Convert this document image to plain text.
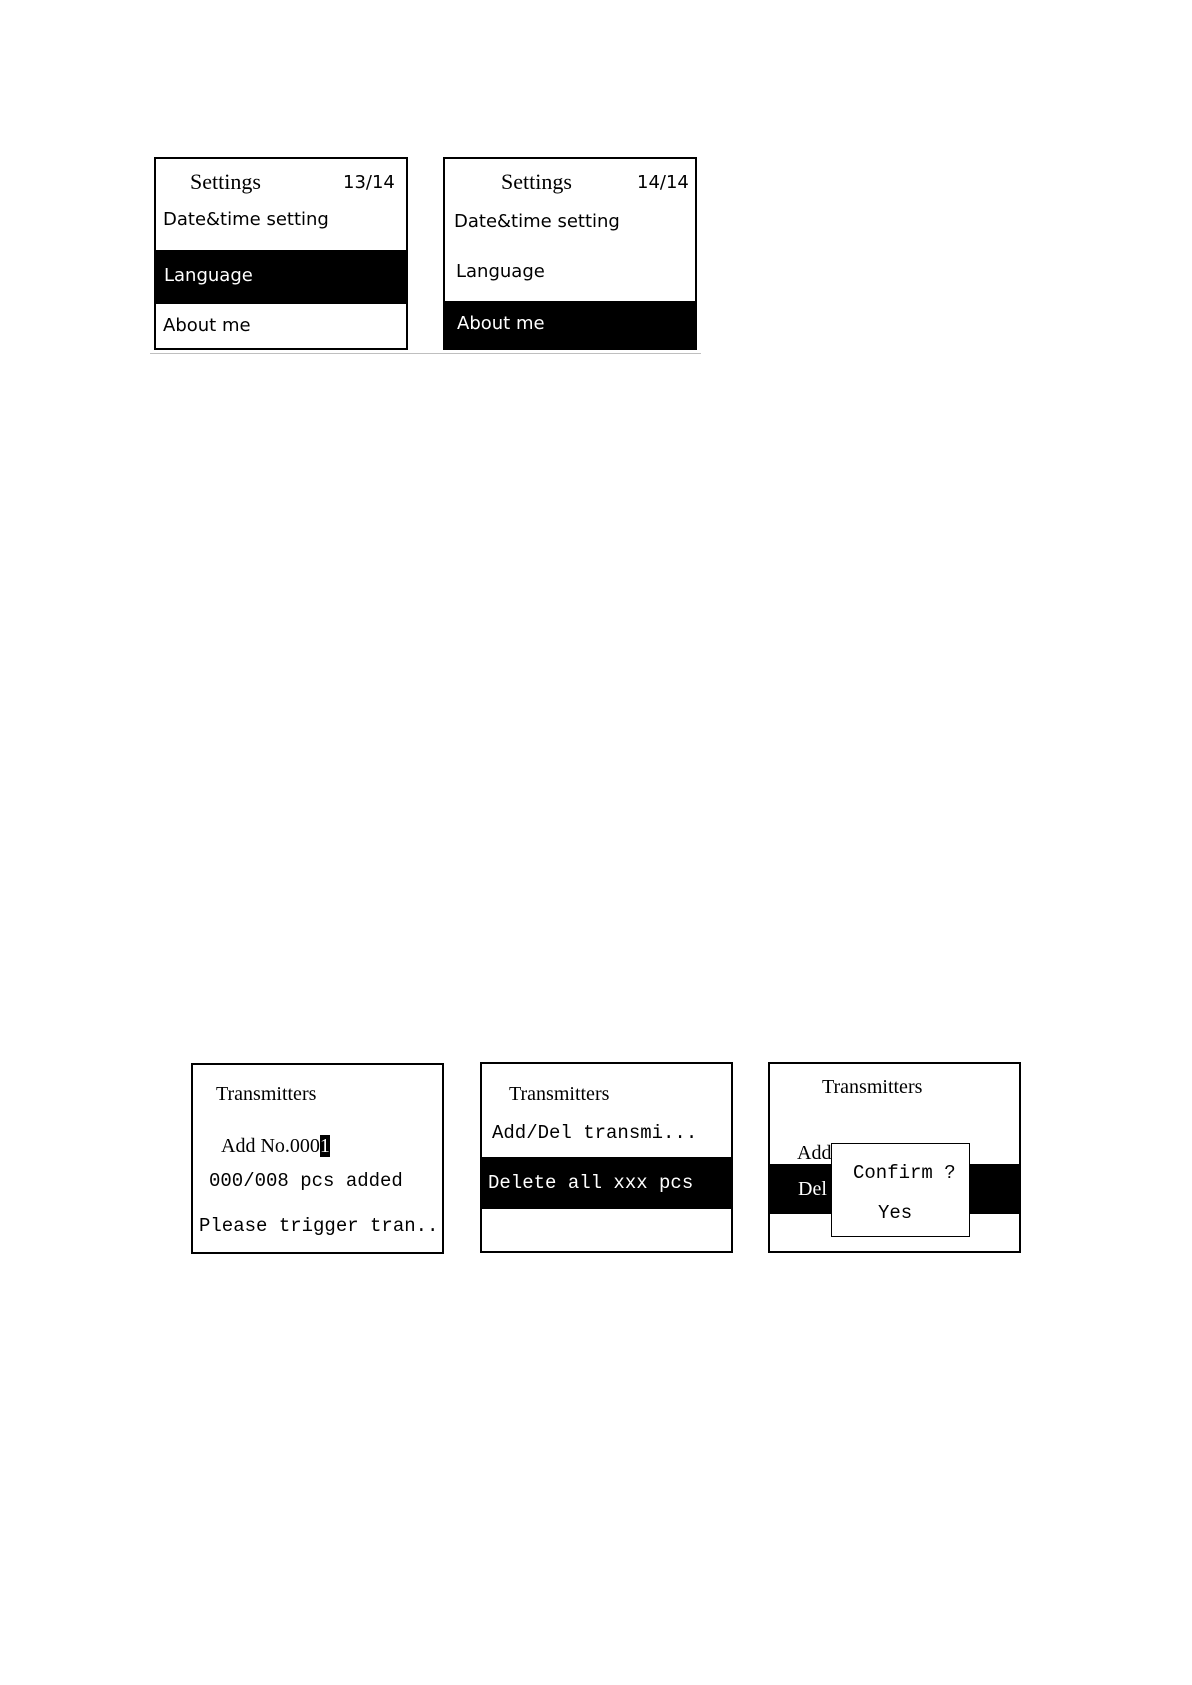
Settings	13/14
Date&time setting
Language
About me
Settings	14/14
Date&time setting
Language
About me
Transmitters
Add No.0001
000/008 pcs added
Please trigger tran..
Transmitters
Add/Del transmi...
Delete all xxx pcs
Transmitters
Add
Del
Confirm ?
Yes
